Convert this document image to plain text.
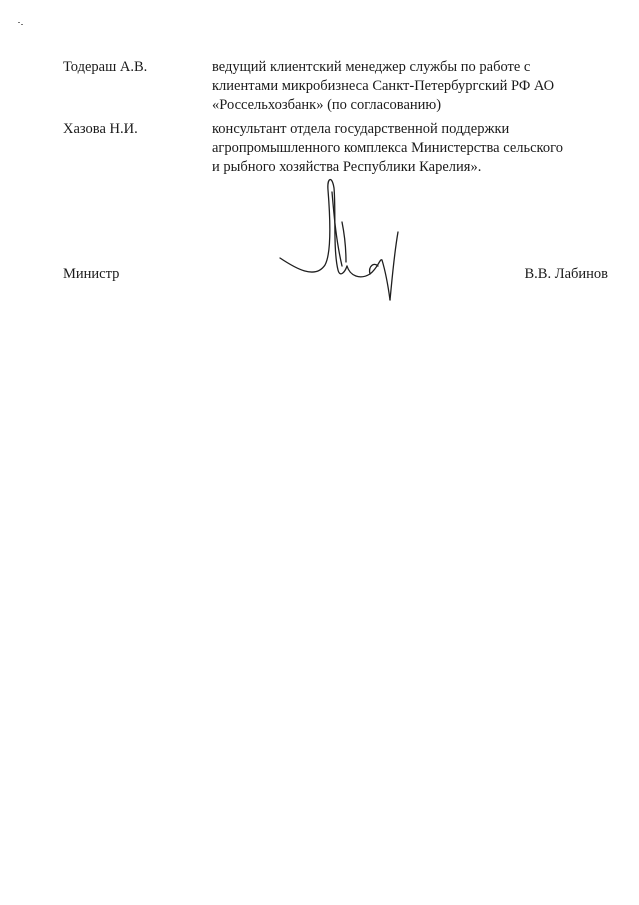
Тодераш А.В.	ведущий клиентский менеджер службы по работе с
клиентами микробизнеса Санкт-Петербургский РФ АО
«Россельхозбанк» (по согласованию)
Хазова Н.И.	консультант отдела государственной поддержки
агропромышленного комплекса Министерства сельского
и рыбного хозяйства Республики Карелия».
Министр	В.В. Лабинов
